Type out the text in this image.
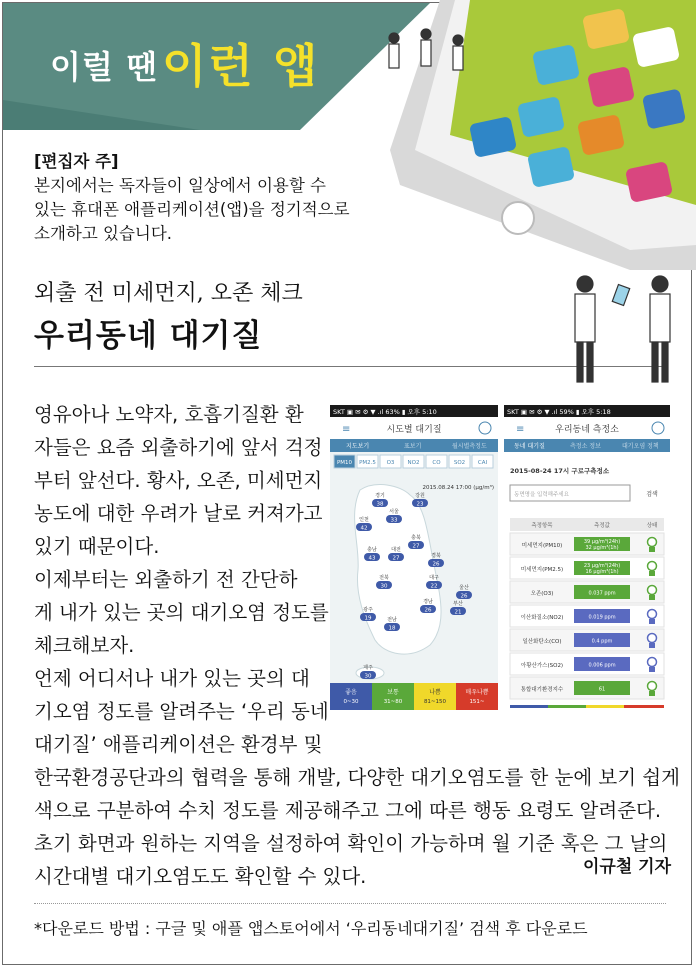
이럴 땐 이런 앱
[편집자 주]
본지에서는 독자들이 일상에서 이용할 수
있는 휴대폰 애플리케이션(앱)을 정기적으로
소개하고 있습니다.
외출 전 미세먼지, 오존 체크
우리동네 대기질

영유아나 노약자, 호흡기질환 환

자들은 요즘 외출하기에 앞서 걱정

부터 앞선다. 황사, 오존, 미세먼지

농도에 대한 우려가 날로 커져가고

있기 때문이다.

이제부터는 외출하기 전 간단하

게 내가 있는 곳의 대기오염 정도를

체크해보자.

언제 어디서나 내가 있는 곳의 대

기오염 정도를 알려주는 ‘우리 동네

대기질’ 애플리케이션은 환경부 및

한국환경공단과의 협력을 통해 개발, 다양한 대기오염도를 한 눈에 보기 쉽게

색으로 구분하여 수치 정도를 제공해주고 그에 따른 행동 요령도 알려준다.

초기 화면과 원하는 지역을 설정하여 확인이 가능하며 월 기준 혹은 그 날의

시간대별 대기오염도도 확인할 수 있다.

SKT ▣ ✉ ⚙ ▼ .ıl 63% ▮ 오후 5:10
≡	시도별 대기질
지도보기	표보기	월시별측정도
PM10 PM2.5 O3 NO2 CO SO2 CAI
2015.08.24 17:00 (μg/m³)
경기
38
강원
23
서울
33
인천
42
충북
27
충남
43
대전
27	경북
26
전북
30
대구
22	울산
26
경남
26
부산
21
광주
19	전남
18
제주
30
좋음
0~30
보통
31~80
나쁨
81~150
매우나쁨
151~
SKT ▣ ✉ ⚙ ▼ .ıl 59% ▮ 오후 5:18
≡	우리동네 측정소
동네 대기질	측정소 정보	대기오염 정책
2015-08-24 17시 구로구측정소
동면명을 입력해주세요	검색
측정항목	측정값	상태
미세먼지(PM10)
39 μg/m³(24h)
32 μg/m³(1h)
미세먼지(PM2.5)
23 μg/m³(24h)
16 μg/m³(1h)
오존(O3)	0.037 ppm
이산화질소(NO2)	0.019 ppm
일산화탄소(CO)	0.4 ppm
아황산가스(SO2)	0.006 ppm
통합대기환경지수	61
이규철 기자
*다운로드 방법 : 구글 및 애플 앱스토어에서 ‘우리동네대기질’ 검색 후 다운로드
